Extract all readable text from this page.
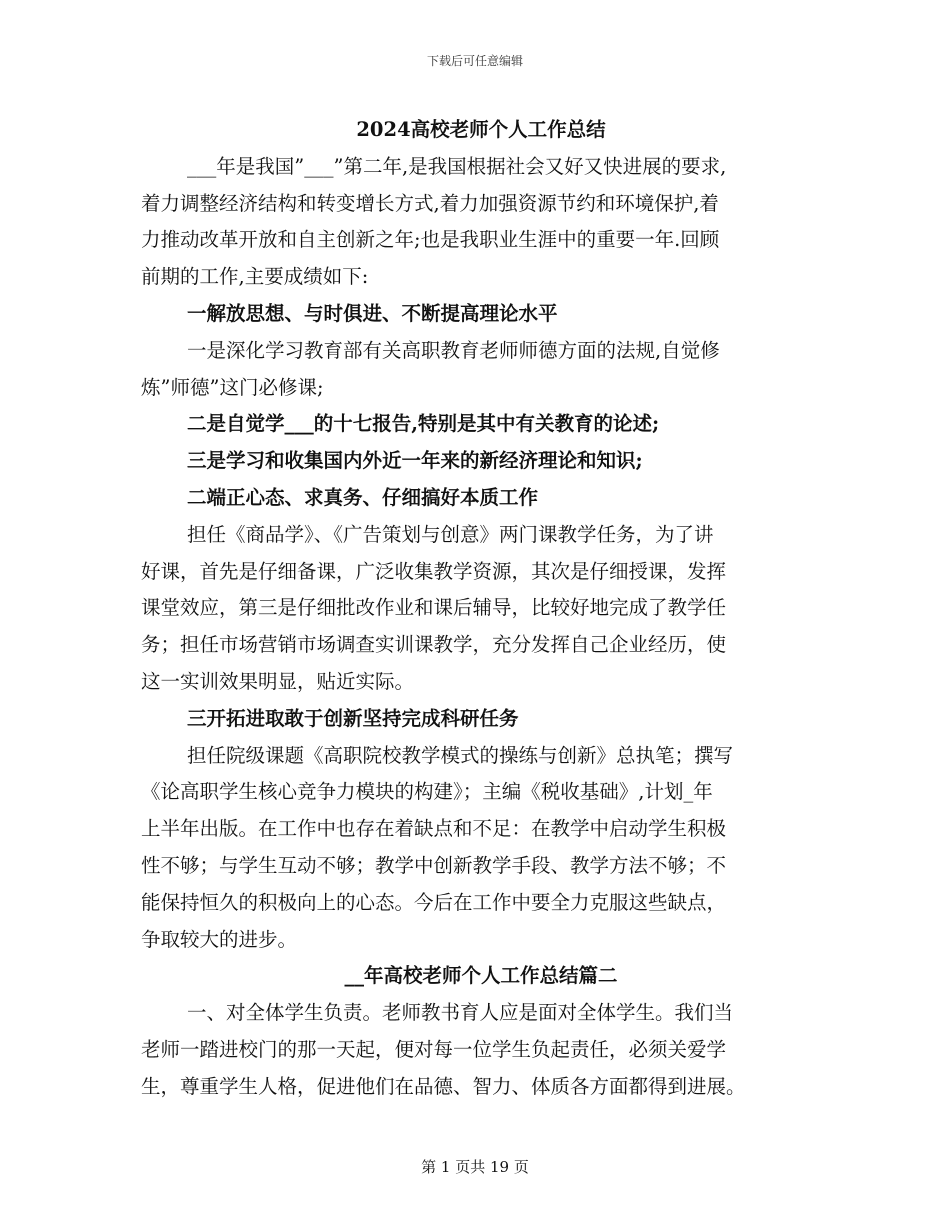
下载后可任意编辑
2024高校老师个人工作总结
___年是我国”___”第二年,是我国根据社会又好又快进展的要求,
着力调整经济结构和转变增长方式,着力加强资源节约和环境保护,着
力推动改革开放和自主创新之年;也是我职业生涯中的重要一年.回顾
前期的工作,主要成绩如下:
一解放思想、与时俱进、不断提高理论水平
一是深化学习教育部有关高职教育老师师德方面的法规,自觉修
炼”师德”这门必修课;
二是自觉学___的十七报告,特别是其中有关教育的论述;
三是学习和收集国内外近一年来的新经济理论和知识;
二端正心态、求真务、仔细搞好本质工作
担任《商品学》、《广告策划与创意》两门课教学任务，为了讲
好课，首先是仔细备课，广泛收集教学资源，其次是仔细授课，发挥
课堂效应，第三是仔细批改作业和课后辅导，比较好地完成了教学任
务；担任市场营销市场调查实训课教学，充分发挥自己企业经历，使
这一实训效果明显，贴近实际。
三开拓进取敢于创新坚持完成科研任务
担任院级课题《高职院校教学模式的操练与创新》总执笔；撰写
《论高职学生核心竞争力模块的构建》；主编《税收基础》,计划_年
上半年出版。在工作中也存在着缺点和不足：在教学中启动学生积极
性不够；与学生互动不够；教学中创新教学手段、教学方法不够；不
能保持恒久的积极向上的心态。今后在工作中要全力克服这些缺点，
争取较大的进步。
__年高校老师个人工作总结篇二
一、对全体学生负责。老师教书育人应是面对全体学生。我们当
老师一踏进校门的那一天起，便对每一位学生负起责任，必须关爱学
生，尊重学生人格，促进他们在品德、智力、体质各方面都得到进展。
第 1 页共 19 页
